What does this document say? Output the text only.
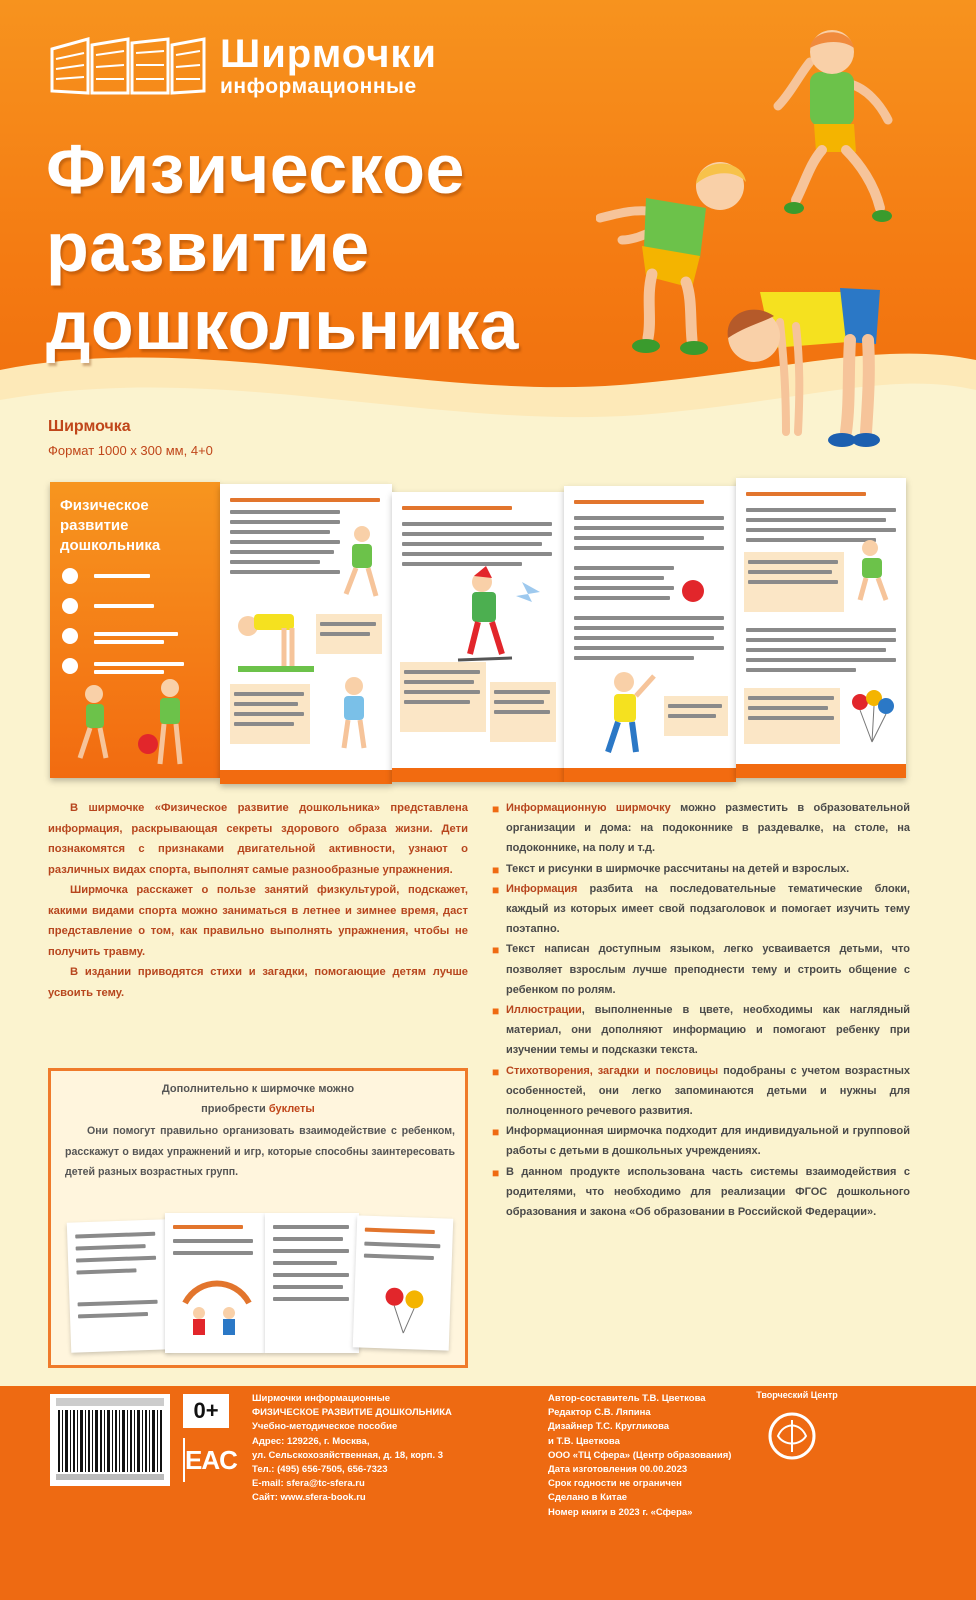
Ширмочки
информационные
Физическое
развитие
дошкольника
Ширмочка
Формат 1000 х 300 мм, 4+0
Физическое
развитие
дошкольника

В ширмочке «Физическое развитие дошкольника» представлена информация, раскрывающая секреты здорового образа жизни. Дети познакомятся с признаками двигательной активности, узнают о различных видах спорта, выполнят самые разнообразные упражнения.

Ширмочка расскажет о пользе занятий физкультурой, подскажет, какими видами спорта можно заниматься в летнее и зимнее время, даст представление о том, как правильно выполнять упражнения, чтобы не получить травму.

В издании приводятся стихи и загадки, помогающие детям лучше усвоить тему.

Дополнительно к ширмочке можно
приобрести буклеты
Они помогут правильно организовать взаимодействие с ребенком, расскажут о видах упражнений и игр, которые способны заинтересовать детей разных возрастных групп.
■ Информационную ширмочку можно разместить в образовательной организации и дома: на подоконнике в раздевалке, на столе, на подоконнике, на полу и т.д.
■ Текст и рисунки в ширмочке рассчитаны на детей и взрослых.
■ Информация разбита на последовательные тематические блоки, каждый из которых имеет свой подзаголовок и помогает изучить тему поэтапно.
■ Текст написан доступным языком, легко усваивается детьми, что позволяет взрослым лучше преподнести тему и строить общение с ребенком по ролям.
■ Иллюстрации, выполненные в цвете, необходимы как наглядный материал, они дополняют информацию и помогают ребенку при изучении темы и подсказки текста.
■ Стихотворения, загадки и пословицы подобраны с учетом возрастных особенностей, они легко запоминаются детьми и нужны для полноценного речевого развития.
■ Информационная ширмочка подходит для индивидуальной и групповой работы с детьми в дошкольных учреждениях.
■ В данном продукте использована часть системы взаимодействия с родителями, что необходимо для реализации ФГОС дошкольного образования и закона «Об образовании в Российской Федерации».
0+
EAC
Ширмочки информационные
ФИЗИЧЕСКОЕ РАЗВИТИЕ ДОШКОЛЬНИКА
Учебно-методическое пособие
Адрес: 129226, г. Москва,
ул. Сельскохозяйственная, д. 18, корп. 3
Тел.: (495) 656-7505, 656-7323
E-mail: sfera@tc-sfera.ru
Сайт: www.sfera-book.ru
Автор-составитель Т.В. Цветкова
Редактор С.В. Ляпина
Дизайнер Т.С. Кругликова
и Т.В. Цветкова
ООО «ТЦ Сфера» (Центр образования)
Дата изготовления 00.00.2023
Срок годности не ограничен
Сделано в Китае
Номер книги в 2023 г. «Сфера»
Творческий Центр
